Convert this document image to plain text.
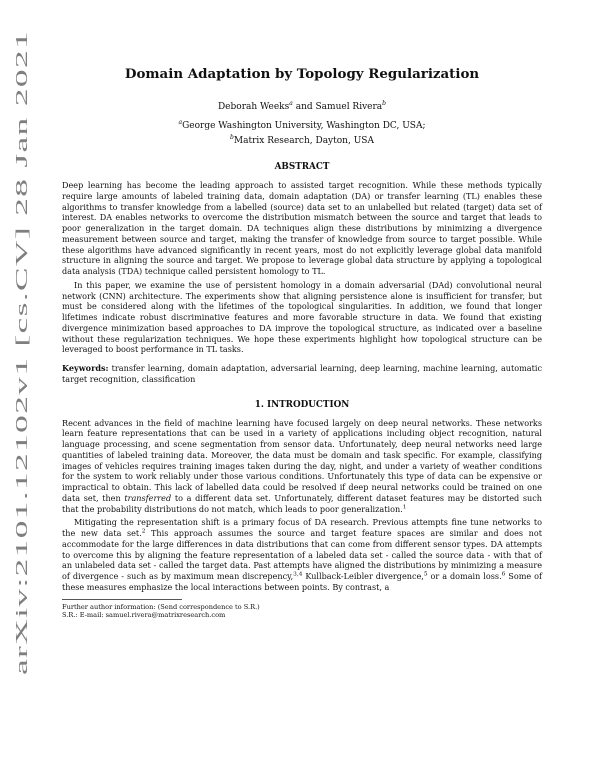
arXiv:2101.12102v1 [cs.CV] 28 Jan 2021
Domain Adaptation by Topology Regularization

Deborah Weeks$^a$ and Samuel Rivera$^b$

$^a$George Washington University, Washington DC, USA;

$^b$Matrix Research, Dayton, USA

ABSTRACT

Deep learning has become the leading approach to assisted target recognition. While these methods typically require large amounts of labeled training data, domain adaptation (DA) or transfer learning (TL) enables these algorithms to transfer knowledge from a labelled (source) data set to an unlabelled but related (target) data set of interest. DA enables networks to overcome the distribution mismatch between the source and target that leads to poor generalization in the target domain. DA techniques align these distributions by minimizing a divergence measurement between source and target, making the transfer of knowledge from source to target possible. While these algorithms have advanced significantly in recent years, most do not explicitly leverage global data manifold structure in aligning the source and target. We propose to leverage global data structure by applying a topological data analysis (TDA) technique called persistent homology to TL.

In this paper, we examine the use of persistent homology in a domain adversarial (DAd) convolutional neural network (CNN) architecture. The experiments show that aligning persistence alone is insufficient for transfer, but must be considered along with the lifetimes of the topological singularities. In addition, we found that longer lifetimes indicate robust discriminative features and more favorable structure in data. We found that existing divergence minimization based approaches to DA improve the topological structure, as indicated over a baseline without these regularization techniques. We hope these experiments highlight how topological structure can be leveraged to boost performance in TL tasks.

Keywords: transfer learning, domain adaptation, adversarial learning, deep learning, machine learning, automatic target recognition, classification

1. INTRODUCTION

Recent advances in the field of machine learning have focused largely on deep neural networks. These networks learn feature representations that can be used in a variety of applications including object recognition, natural language processing, and scene segmentation from sensor data. Unfortunately, deep neural networks need large quantities of labeled training data. Moreover, the data must be domain and task specific. For example, classifying images of vehicles requires training images taken during the day, night, and under a variety of weather conditions for the system to work reliably under those various conditions. Unfortunately this type of data can be expensive or impractical to obtain. This lack of labelled data could be resolved if deep neural networks could be trained on one data set, then transferred to a different data set. Unfortunately, different dataset features may be distorted such that the probability distributions do not match, which leads to poor generalization.$^1$

Mitigating the representation shift is a primary focus of DA research. Previous attempts fine tune networks to the new data set.$^2$ This approach assumes the source and target feature spaces are similar and does not accommodate for the large differences in data distributions that can come from different sensor types. DA attempts to overcome this by aligning the feature representation of a labeled data set - called the source data - with that of an unlabeled data set - called the target data. Past attempts have aligned the distributions by minimizing a measure of divergence - such as by maximum mean discrepency,$^{3,4}$ Kullback-Leibler divergence,$^5$ or a domain loss.$^6$ Some of these measures emphasize the local interactions between points. By contrast, a

Further author information: (Send correspondence to S.R.)

S.R.: E-mail: samuel.rivera@matrixresearch.com
